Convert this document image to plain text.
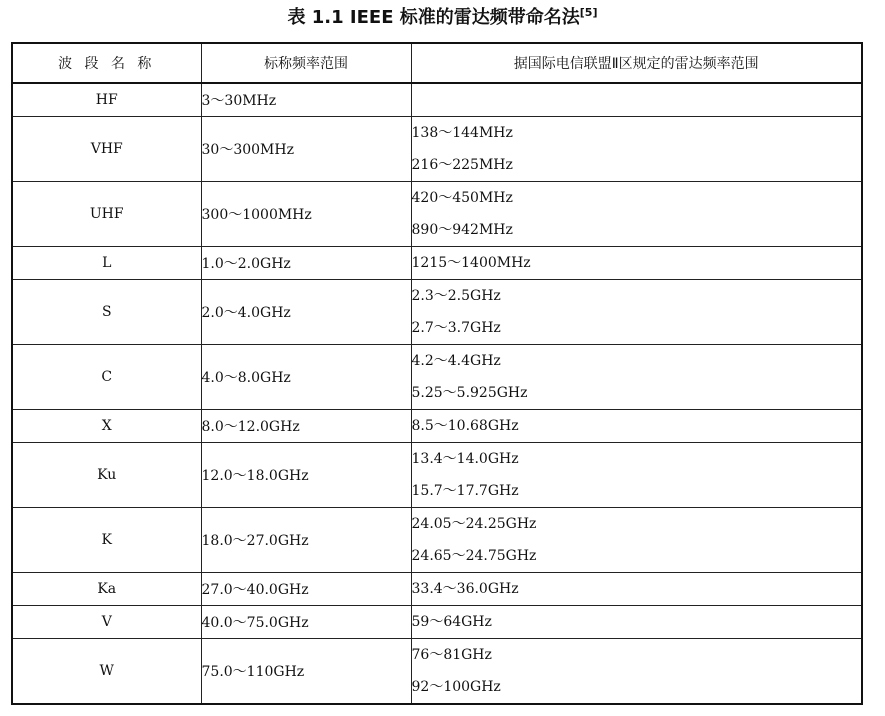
表 1.1 IEEE 标准的雷达频带命名法[5]
波 段 名 称	标称频率范围	据国际电信联盟Ⅱ区规定的雷达频率范围
HF	3～30MHz	
VHF	30～300MHz	138～144MHz
216～225MHz

UHF	300～1000MHz	420～450MHz
890～942MHz

L	1.0～2.0GHz	1215～1400MHz

S	2.0～4.0GHz	2.3～2.5GHz
2.7～3.7GHz

C	4.0～8.0GHz	4.2～4.4GHz
5.25～5.925GHz

X	8.0～12.0GHz	8.5～10.68GHz

Ku	12.0～18.0GHz	13.4～14.0GHz
15.7～17.7GHz

K	18.0～27.0GHz	24.05～24.25GHz
24.65～24.75GHz

Ka	27.0～40.0GHz	33.4～36.0GHz

V	40.0～75.0GHz	59～64GHz

W	75.0～110GHz	76～81GHz
92～100GHz
